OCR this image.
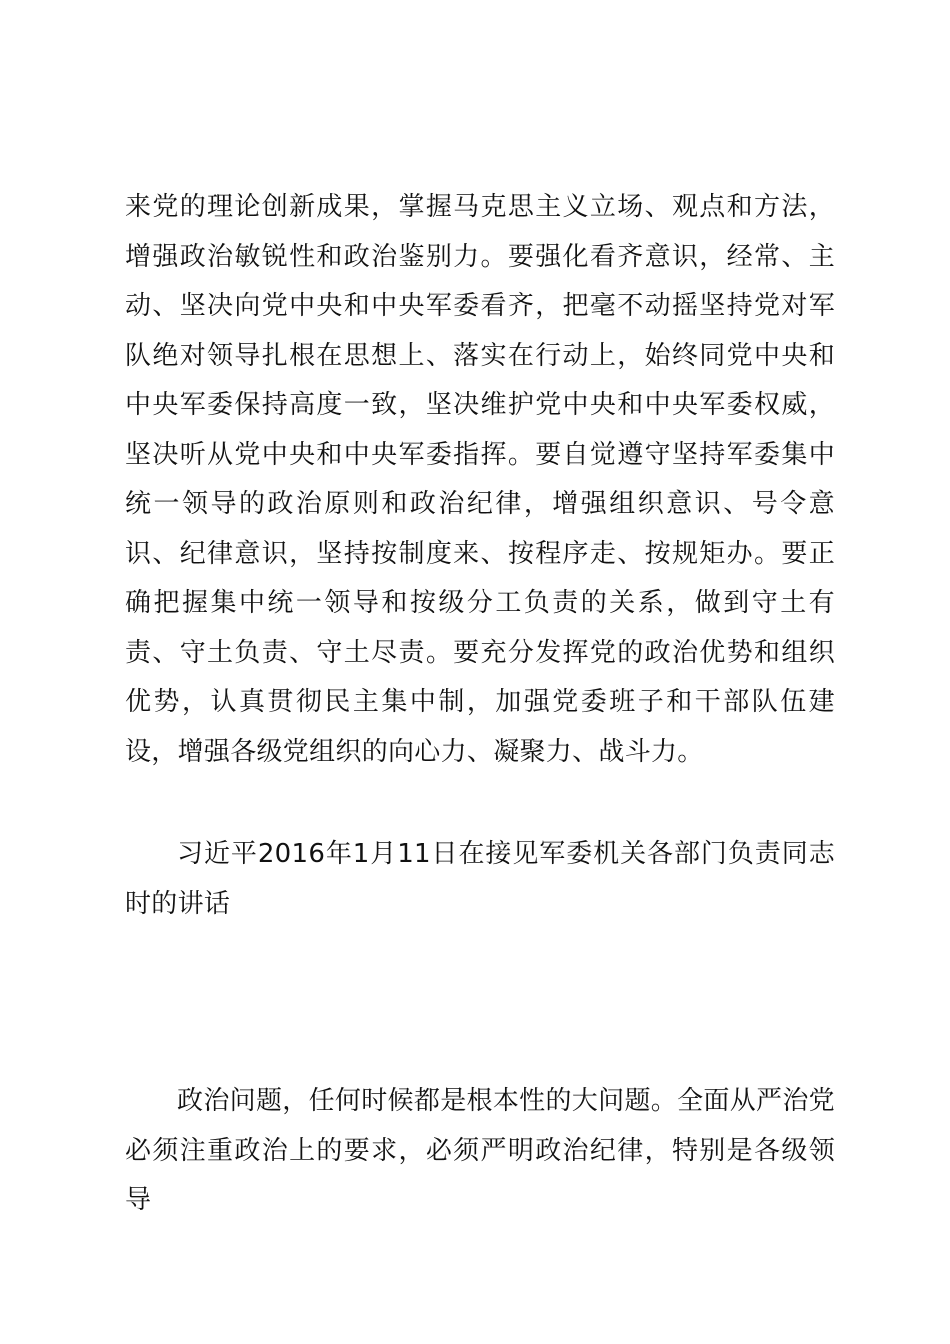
来党的理论创新成果，掌握马克思主义立场、观点和方法，增强政治敏锐性和政治鉴别力。要强化看齐意识，经常、主动、坚决向党中央和中央军委看齐，把毫不动摇坚持党对军队绝对领导扎根在思想上、落实在行动上，始终同党中央和中央军委保持高度一致，坚决维护党中央和中央军委权威，坚决听从党中央和中央军委指挥。要自觉遵守坚持军委集中统一领导的政治原则和政治纪律，增强组织意识、号令意识、纪律意识，坚持按制度来、按程序走、按规矩办。要正确把握集中统一领导和按级分工负责的关系，做到守土有责、守土负责、守土尽责。要充分发挥党的政治优势和组织优势，认真贯彻民主集中制，加强党委班子和干部队伍建设，增强各级党组织的向心力、凝聚力、战斗力。

习近平2016年1月11日在接见军委机关各部门负责同志时的讲话

政治问题，任何时候都是根本性的大问题。全面从严治党必须注重政治上的要求，必须严明政治纪律，特别是各级领导
